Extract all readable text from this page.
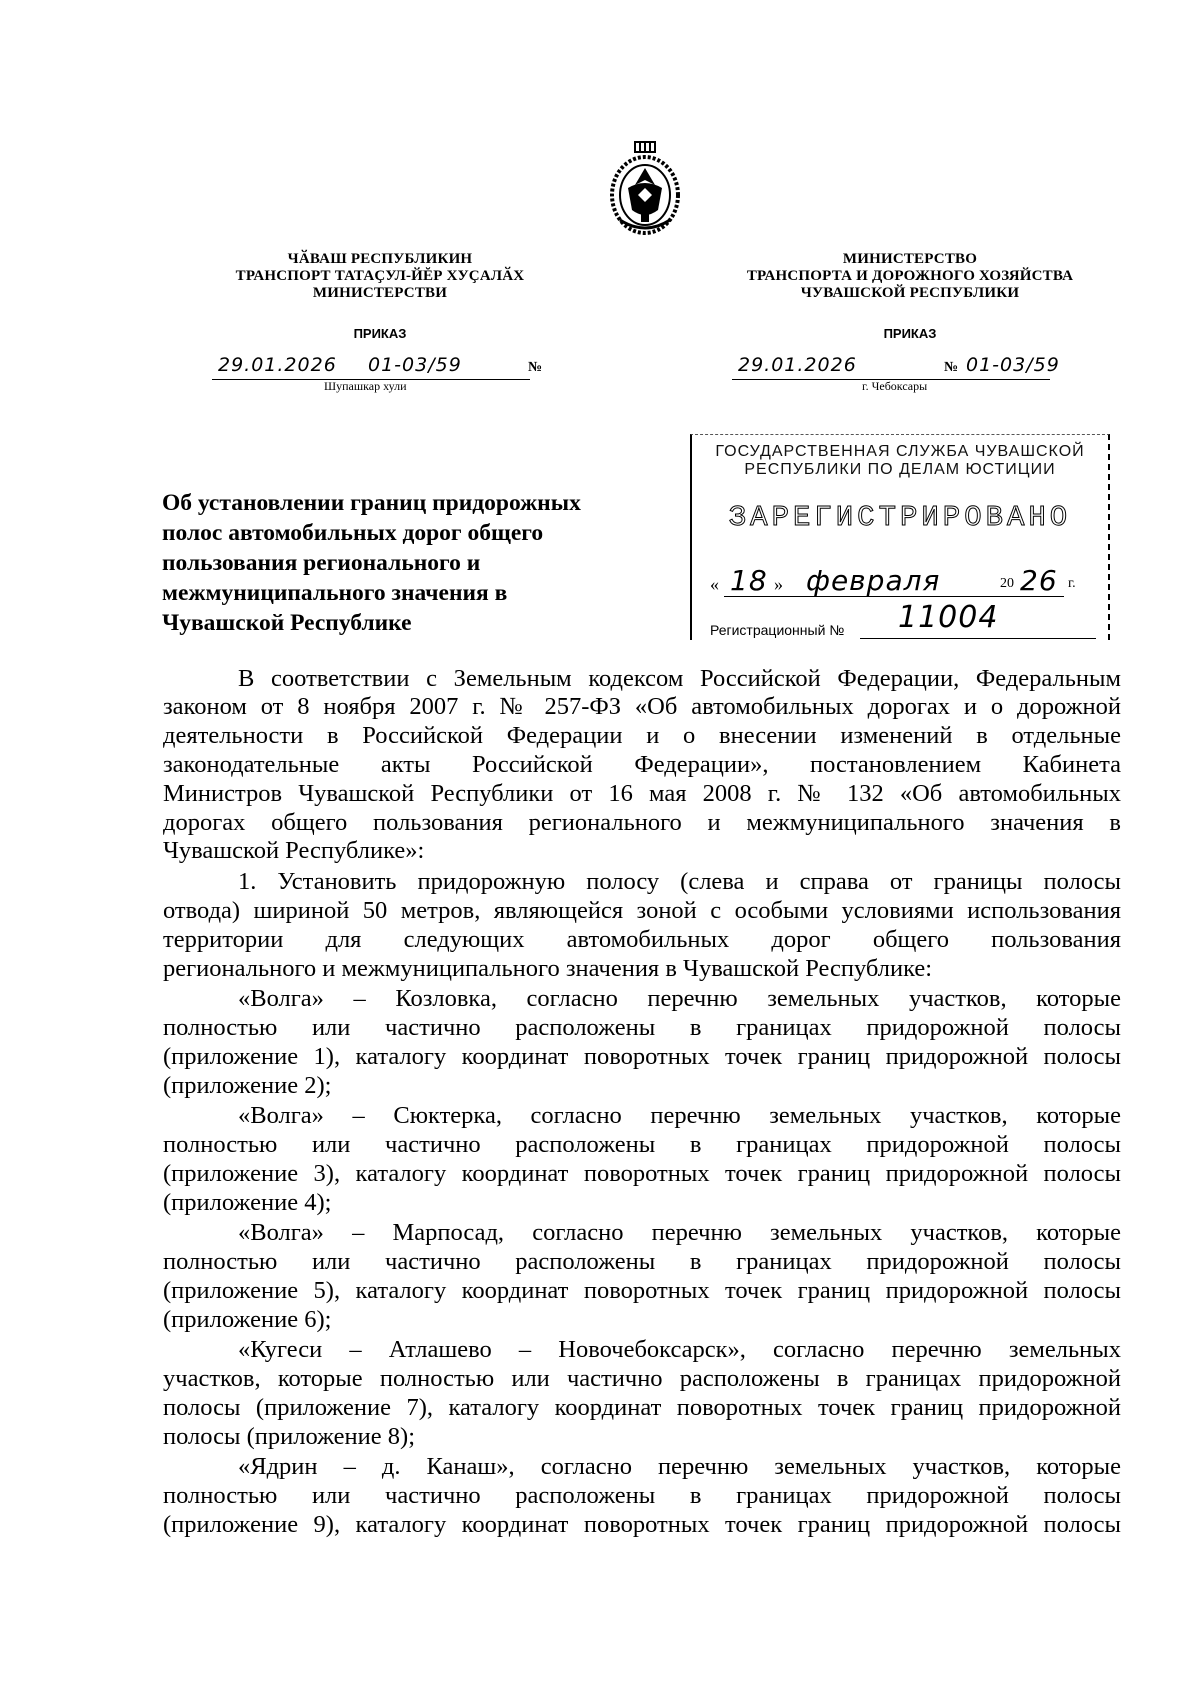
ЧӐВАШ РЕСПУБЛИКИН
ТРАНСПОРТ ТАТАҪУЛ-ЙĔР ХУҪАЛӐХ
МИНИСТЕРСТВИ
ПРИКАЗ
29.01.2026 01-03/59	№
Шупашкар хули
МИНИСТЕРСТВО
ТРАНСПОРТА И ДОРОЖНОГО ХОЗЯЙСТВА
ЧУВАШСКОЙ РЕСПУБЛИКИ
ПРИКАЗ
29.01.2026	№ 01-03/59
г. Чебоксары
ГОСУДАРСТВЕННАЯ СЛУЖБА ЧУВАШСКОЙ
РЕСПУБЛИКИ ПО ДЕЛАМ ЮСТИЦИИ
ЗАРЕГИСТРИРОВАНО
« 18 » февраля	20 26 г.
Регистрационный № 11004
Об установлении границ придорожных
полос автомобильных дорог общего
пользования регионального и
межмуниципального значения в
Чувашской Республике
В соответствии с Земельным кодексом Российской Федерации, Федеральным
законом от 8 ноября 2007 г. № 257-ФЗ «Об автомобильных дорогах и о дорожной
деятельности в Российской Федерации и о внесении изменений в отдельные
законодательные акты Российской Федерации», постановлением Кабинета
Министров Чувашской Республики от 16 мая 2008 г. № 132 «Об автомобильных
дорогах общего пользования регионального и межмуниципального значения в
Чувашской Республике»:
1. Установить придорожную полосу (слева и справа от границы полосы
отвода) шириной 50 метров, являющейся зоной с особыми условиями использования
территории для следующих автомобильных дорог общего пользования
регионального и межмуниципального значения в Чувашской Республике:
«Волга» – Козловка, согласно перечню земельных участков, которые
полностью или частично расположены в границах придорожной полосы
(приложение 1), каталогу координат поворотных точек границ придорожной полосы
(приложение 2);
«Волга» – Сюктерка, согласно перечню земельных участков, которые
полностью или частично расположены в границах придорожной полосы
(приложение 3), каталогу координат поворотных точек границ придорожной полосы
(приложение 4);
«Волга» – Марпосад, согласно перечню земельных участков, которые
полностью или частично расположены в границах придорожной полосы
(приложение 5), каталогу координат поворотных точек границ придорожной полосы
(приложение 6);
«Кугеси – Атлашево – Новочебоксарск», согласно перечню земельных
участков, которые полностью или частично расположены в границах придорожной
полосы (приложение 7), каталогу координат поворотных точек границ придорожной
полосы (приложение 8);
«Ядрин – д. Канаш», согласно перечню земельных участков, которые
полностью или частично расположены в границах придорожной полосы
(приложение 9), каталогу координат поворотных точек границ придорожной полосы
